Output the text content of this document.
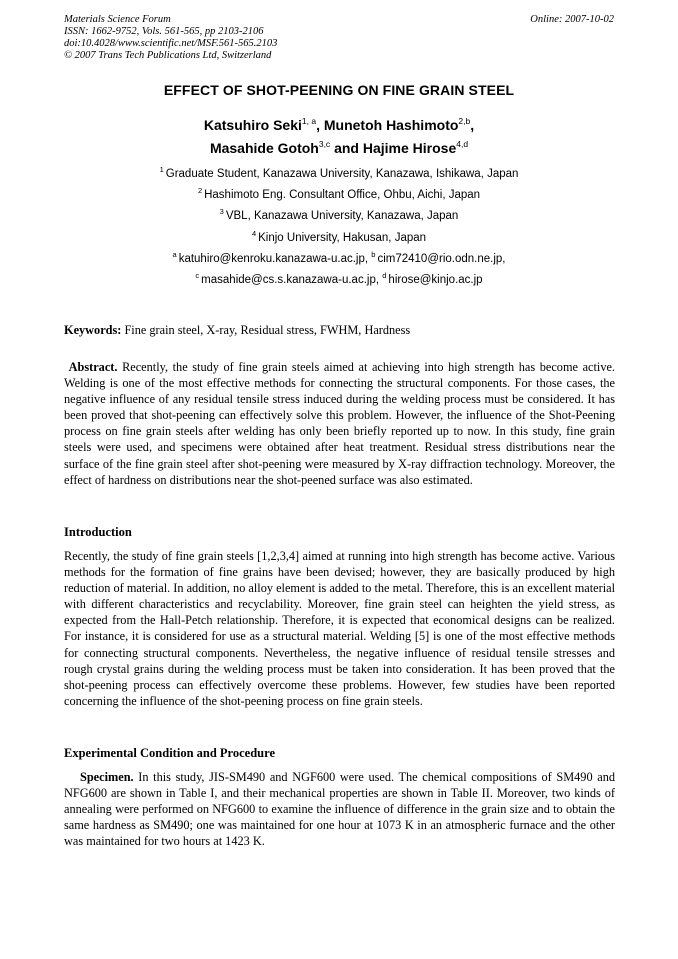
Materials Science Forum
ISSN: 1662-9752, Vols. 561-565, pp 2103-2106
doi:10.4028/www.scientific.net/MSF.561-565.2103
© 2007 Trans Tech Publications Ltd, Switzerland
Online: 2007-10-02
EFFECT OF SHOT-PEENING ON FINE GRAIN STEEL
Katsuhiro Seki$^{1, a}$, Munetoh Hashimoto$^{2,b}$,
Masahide Gotoh$^{3,c}$ and Hajime Hirose$^{4,d}$
$^1$ Graduate Student, Kanazawa University, Kanazawa, Ishikawa, Japan
$^2$ Hashimoto Eng. Consultant Office, Ohbu, Aichi, Japan
$^3$ VBL, Kanazawa University, Kanazawa, Japan
$^4$ Kinjo University, Hakusan, Japan
$^a$ katuhiro@kenroku.kanazawa-u.ac.jp, $^b$ cim72410@rio.odn.ne.jp,
$^c$ masahide@cs.s.kanazawa-u.ac.jp, $^d$ hirose@kinjo.ac.jp
Keywords: Fine grain steel, X-ray, Residual stress, FWHM, Hardness
Abstract. Recently, the study of fine grain steels aimed at achieving into high strength has become active. Welding is one of the most effective methods for connecting the structural components. For those cases, the negative influence of any residual tensile stress induced during the welding process must be considered. It has been proved that shot-peening can effectively solve this problem. However, the influence of the Shot-Peening process on fine grain steels after welding has only been briefly reported up to now. In this study, fine grain steels were used, and specimens were obtained after heat treatment. Residual stress distributions near the surface of the fine grain steel after shot-peening were measured by X-ray diffraction technology. Moreover, the effect of hardness on distributions near the shot-peened surface was also estimated.
Introduction
Recently, the study of fine grain steels [1,2,3,4] aimed at running into high strength has become active. Various methods for the formation of fine grains have been devised; however, they are basically produced by high reduction of material. In addition, no alloy element is added to the metal. Therefore, this is an excellent material with different characteristics and recyclability. Moreover, fine grain steel can heighten the yield stress, as expected from the Hall-Petch relationship. Therefore, it is expected that economical designs can be realized. For instance, it is considered for use as a structural material. Welding [5] is one of the most effective methods for connecting structural components. Nevertheless, the negative influence of residual tensile stresses and rough crystal grains during the welding process must be taken into consideration. It has been proved that the shot-peening process can effectively overcome these problems. However, few studies have been reported concerning the influence of the shot-peening process on fine grain steels.
Experimental Condition and Procedure
Specimen. In this study, JIS-SM490 and NGF600 were used. The chemical compositions of SM490 and NFG600 are shown in Table I, and their mechanical properties are shown in Table II. Moreover, two kinds of annealing were performed on NFG600 to examine the influence of difference in the grain size and to obtain the same hardness as SM490; one was maintained for one hour at 1073 K in an atmospheric furnace and the other was maintained for two hours at 1423 K.
